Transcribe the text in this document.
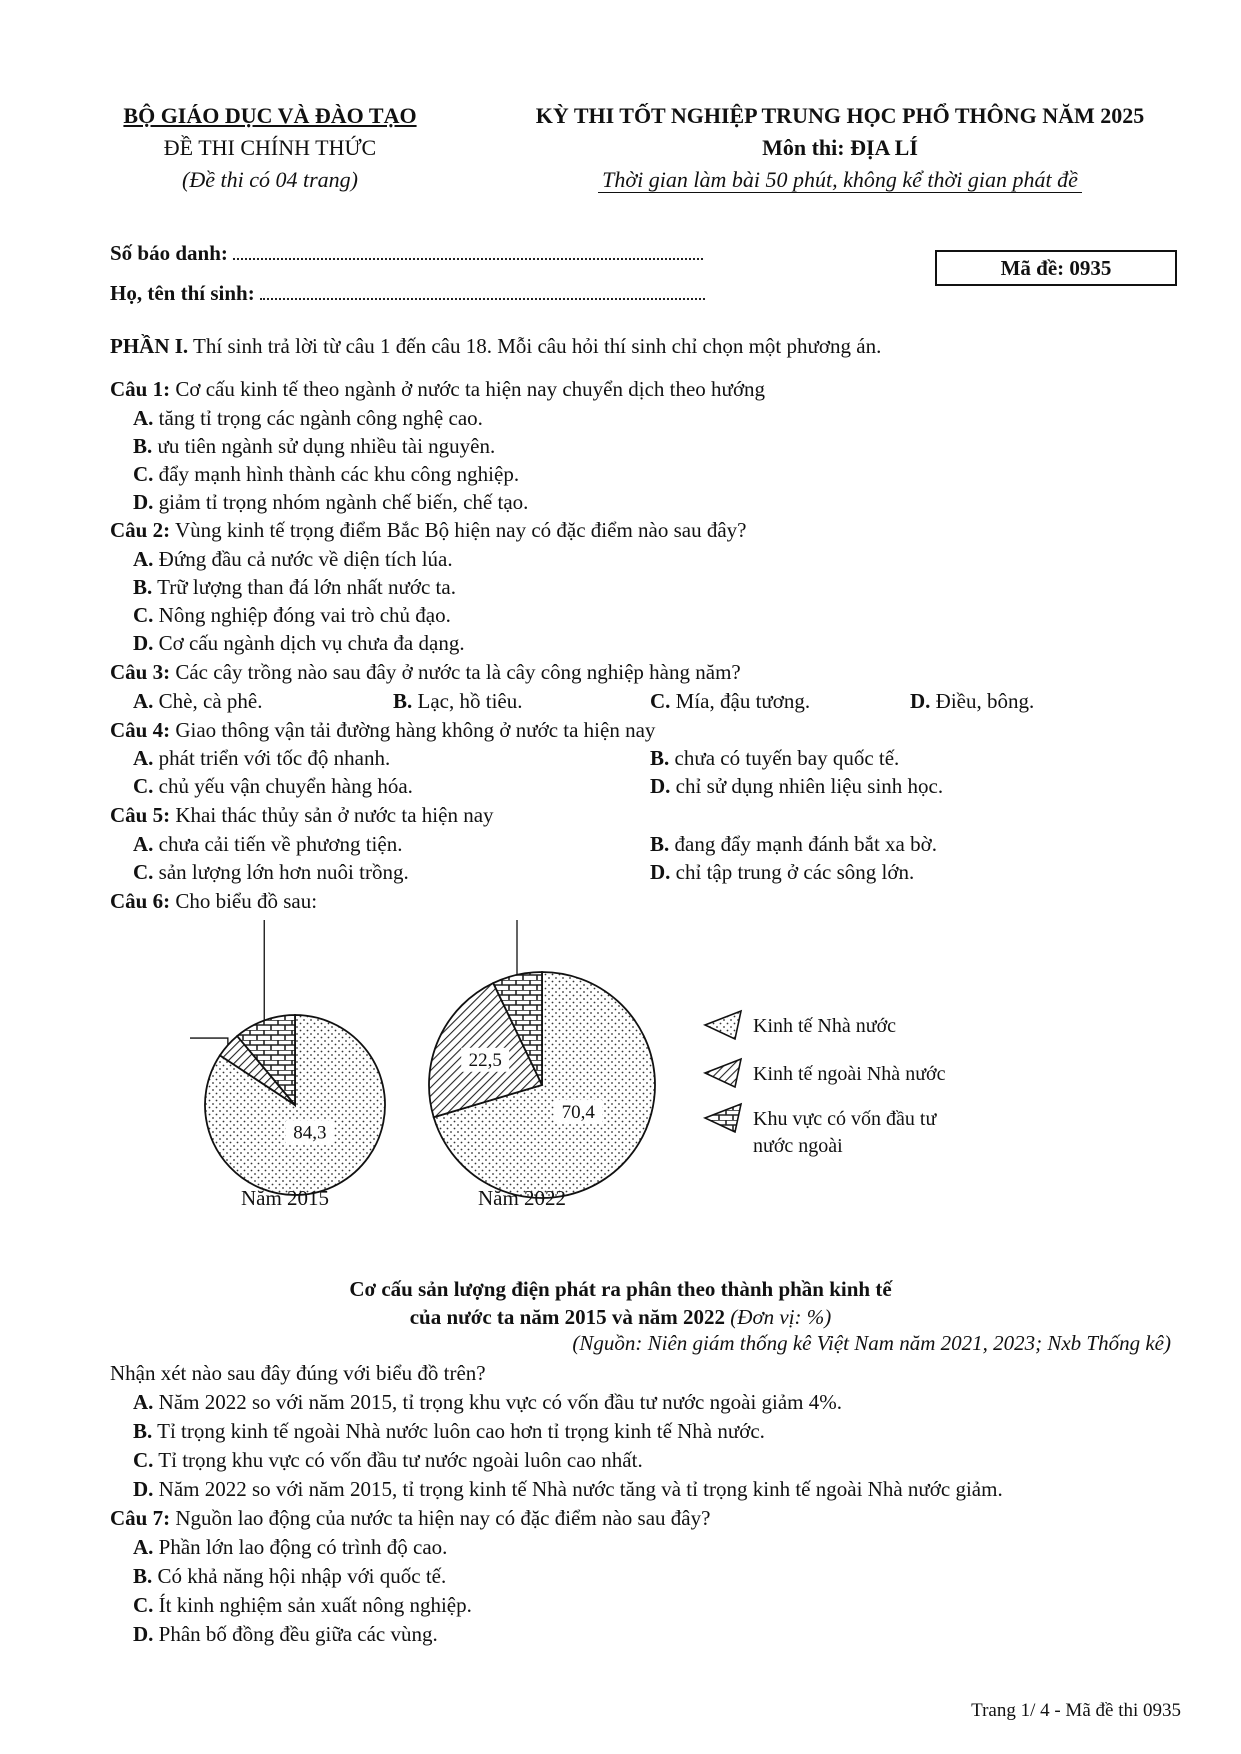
BỘ GIÁO DỤC VÀ ĐÀO TẠO
ĐỀ THI CHÍNH THỨC
(Đề thi có 04 trang)
KỲ THI TỐT NGHIỆP TRUNG HỌC PHỔ THÔNG NĂM 2025
Môn thi: ĐỊA LÍ
Thời gian làm bài 50 phút, không kể thời gian phát đề
Số báo danh:
Họ, tên thí sinh:
Mã đề: 0935
PHẦN I. Thí sinh trả lời từ câu 1 đến câu 18. Mỗi câu hỏi thí sinh chỉ chọn một phương án.
Câu 1: Cơ cấu kinh tế theo ngành ở nước ta hiện nay chuyển dịch theo hướng
A. tăng tỉ trọng các ngành công nghệ cao.
B. ưu tiên ngành sử dụng nhiều tài nguyên.
C. đẩy mạnh hình thành các khu công nghiệp.
D. giảm tỉ trọng nhóm ngành chế biến, chế tạo.
Câu 2: Vùng kinh tế trọng điểm Bắc Bộ hiện nay có đặc điểm nào sau đây?
A. Đứng đầu cả nước về diện tích lúa.
B. Trữ lượng than đá lớn nhất nước ta.
C. Nông nghiệp đóng vai trò chủ đạo.
D. Cơ cấu ngành dịch vụ chưa đa dạng.
Câu 3: Các cây trồng nào sau đây ở nước ta là cây công nghiệp hàng năm?
A. Chè, cà phê.	B. Lạc, hồ tiêu.	C. Mía, đậu tương.	D. Điều, bông.
Câu 4: Giao thông vận tải đường hàng không ở nước ta hiện nay
A. phát triển với tốc độ nhanh.	B. chưa có tuyến bay quốc tế.
C. chủ yếu vận chuyển hàng hóa.	D. chỉ sử dụng nhiên liệu sinh học.
Câu 5: Khai thác thủy sản ở nước ta hiện nay
A. chưa cải tiến về phương tiện.	B. đang đẩy mạnh đánh bắt xa bờ.
C. sản lượng lớn hơn nuôi trồng.	D. chỉ tập trung ở các sông lớn.
Câu 6: Cho biểu đồ sau:
84,3
Năm 2015
70,4
22,5
Năm 2022
Kinh tế Nhà nước
Kinh tế ngoài Nhà nước
Khu vực có vốn đầu tư
nước ngoài
Cơ cấu sản lượng điện phát ra phân theo thành phần kinh tế
của nước ta năm 2015 và năm 2022 (Đơn vị: %)
(Nguồn: Niên giám thống kê Việt Nam năm 2021, 2023; Nxb Thống kê)
Nhận xét nào sau đây đúng với biểu đồ trên?
A. Năm 2022 so với năm 2015, tỉ trọng khu vực có vốn đầu tư nước ngoài giảm 4%.
B. Tỉ trọng kinh tế ngoài Nhà nước luôn cao hơn tỉ trọng kinh tế Nhà nước.
C. Tỉ trọng khu vực có vốn đầu tư nước ngoài luôn cao nhất.
D. Năm 2022 so với năm 2015, tỉ trọng kinh tế Nhà nước tăng và tỉ trọng kinh tế ngoài Nhà nước giảm.
Câu 7: Nguồn lao động của nước ta hiện nay có đặc điểm nào sau đây?
A. Phần lớn lao động có trình độ cao.
B. Có khả năng hội nhập với quốc tế.
C. Ít kinh nghiệm sản xuất nông nghiệp.
D. Phân bố đồng đều giữa các vùng.
Trang 1/ 4 - Mã đề thi 0935
